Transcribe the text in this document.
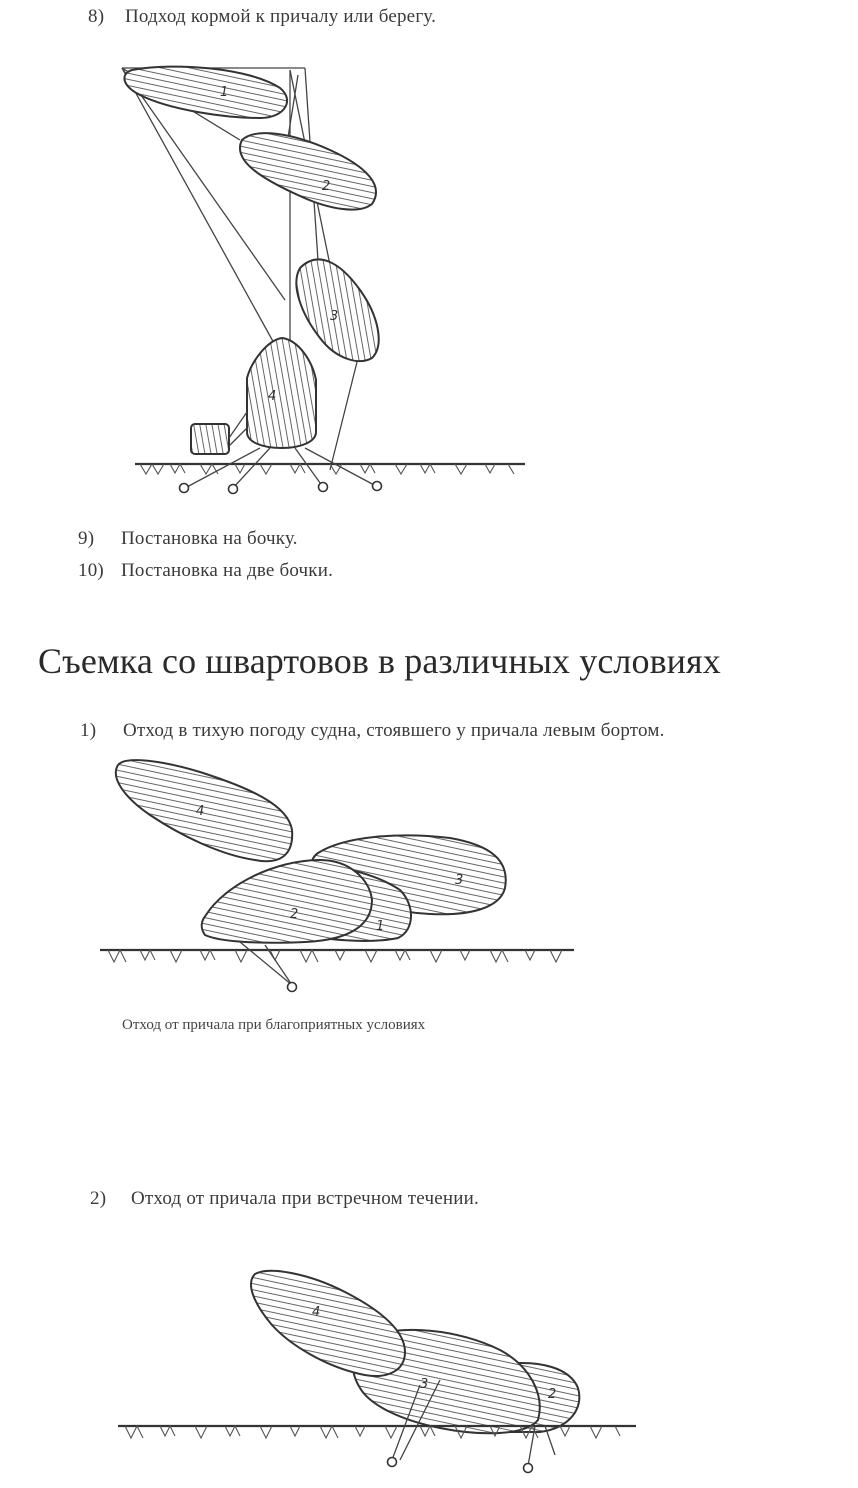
1
2
3
4
4
2
1
3
4
3
2
8) Подход кормой к причалу или берегу.
9) Постановка на бочку.
10) Постановка на две бочки.
Съемка со швартовов в различных условиях
1) Отход в тихую погоду судна, стоявшего у причала левым бортом.
Отход от причала при благоприятных условиях
2) Отход от причала при встречном течении.
